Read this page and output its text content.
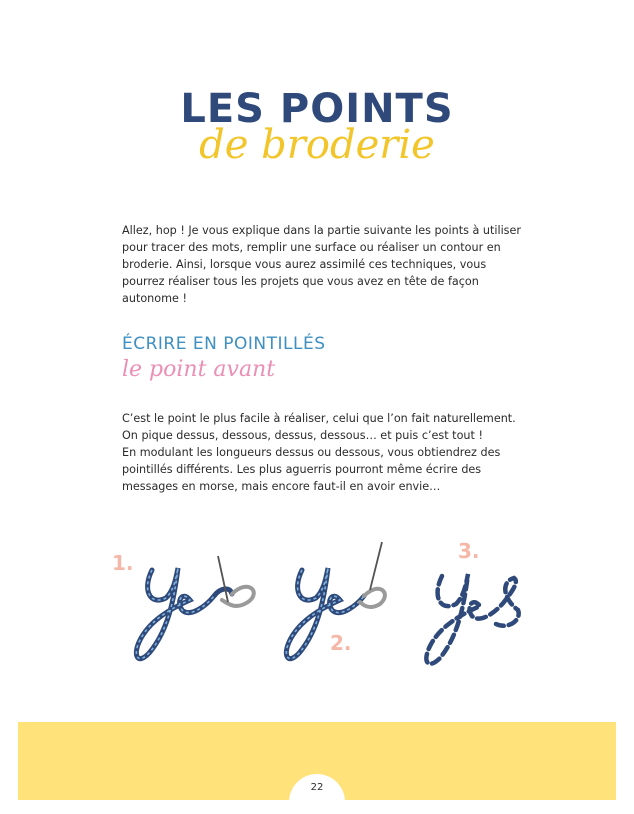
LES POINTS
de broderie
Allez, hop ! Je vous explique dans la partie suivante les points à utiliser pour tracer des mots, remplir une surface ou réaliser un contour en broderie. Ainsi, lorsque vous aurez assimilé ces techniques, vous pourrez réaliser tous les projets que vous avez en tête de façon autonome !
ÉCRIRE EN POINTILLÉS
le point avant

C’est le point le plus facile à réaliser, celui que l’on fait naturellement.

On pique dessus, dessous, dessus, dessous… et puis c’est tout !

En modulant les longueurs dessus ou dessous, vous obtiendrez des pointillés différents. Les plus aguerris pourront même écrire des messages en morse, mais encore faut-il en avoir envie…

1.
2.
3.
22
